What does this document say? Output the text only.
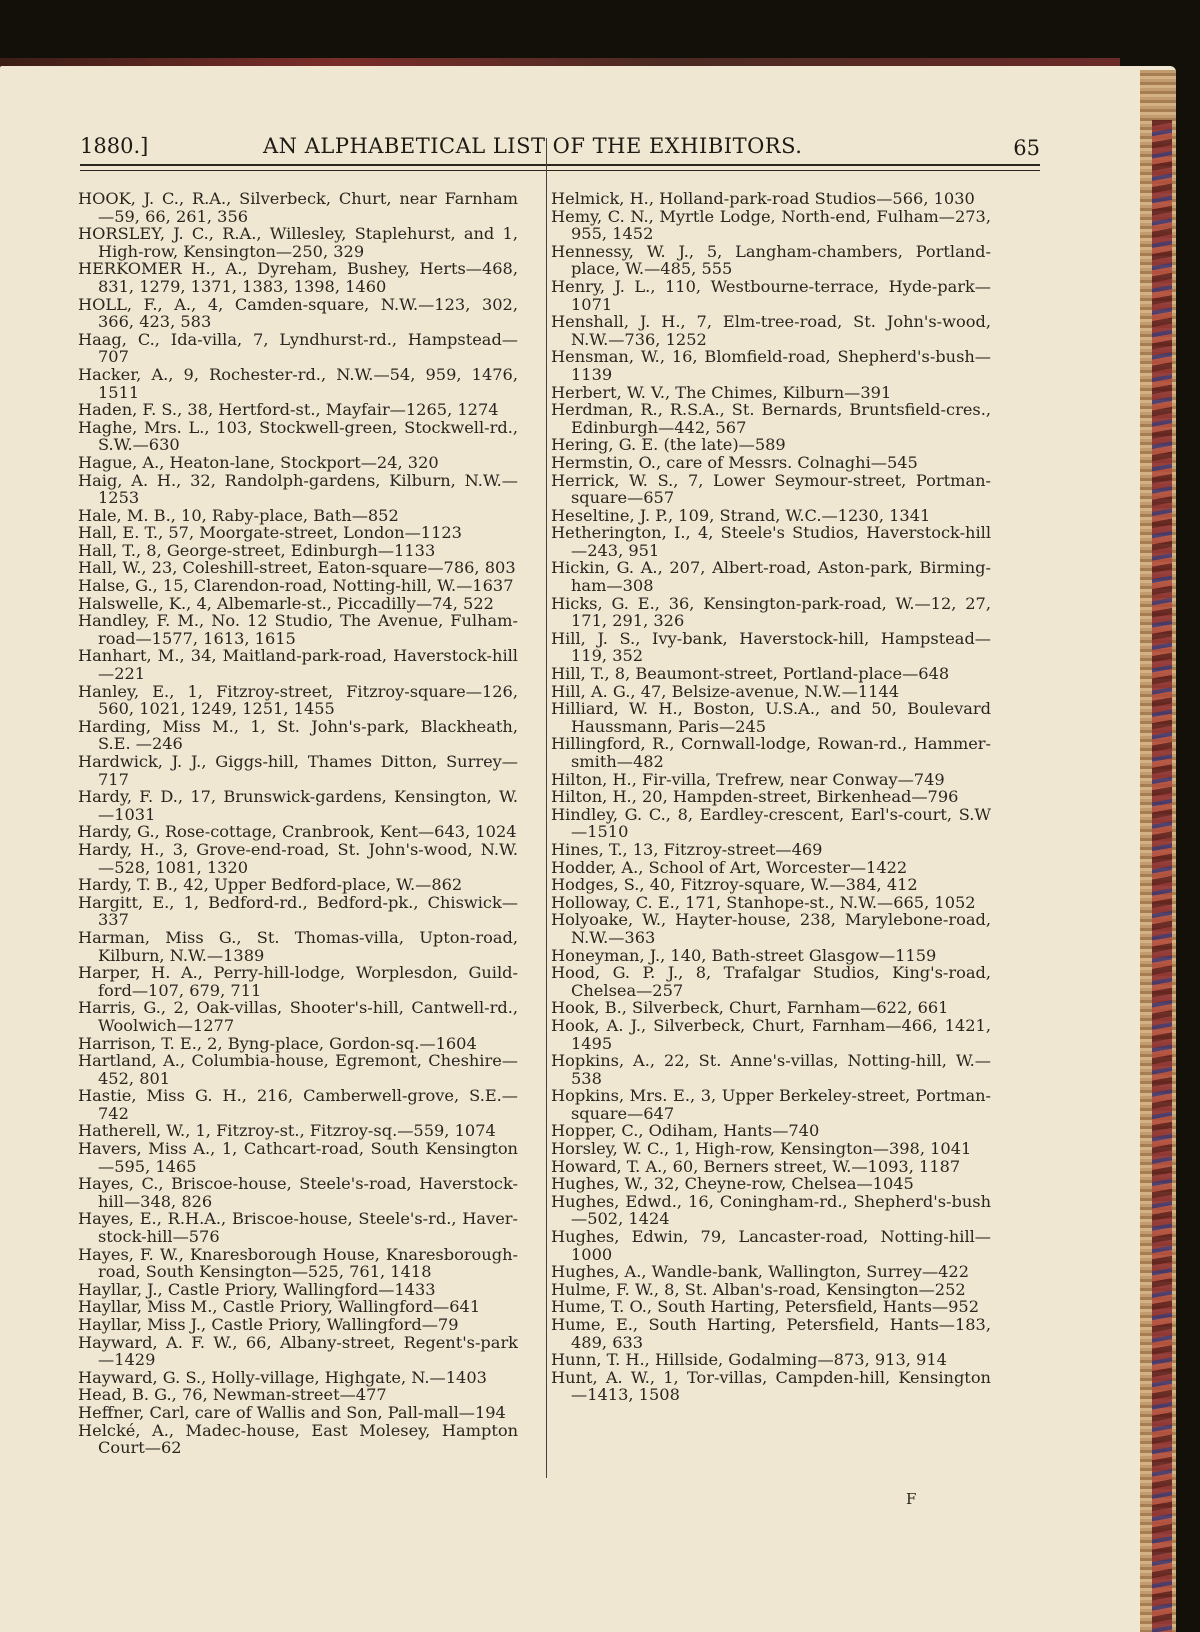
1880.]	AN ALPHABETICAL LIST OF THE EXHIBITORS.	65
HOOK, J. C., R.A., Silverbeck, Churt, near Farnham —59, 66, 261, 356
HORSLEY, J. C., R.A., Willesley, Staplehurst, and 1, High-row, Kensington—250, 329
HERKOMER H., A., Dyreham, Bushey, Herts—468, 831, 1279, 1371, 1383, 1398, 1460
HOLL, F., A., 4, Camden-square, N.W.—123, 302, 366, 423, 583
Haag, C., Ida-villa, 7, Lyndhurst-rd., Hampstead—707
Hacker, A., 9, Rochester-rd., N.W.—54, 959, 1476, 1511
Haden, F. S., 38, Hertford-st., Mayfair—1265, 1274
Haghe, Mrs. L., 103, Stockwell-green, Stockwell-rd., S.W.—630
Hague, A., Heaton-lane, Stockport—24, 320
Haig, A. H., 32, Randolph-gardens, Kilburn, N.W.—1253
Hale, M. B., 10, Raby-place, Bath—852
Hall, E. T., 57, Moorgate-street, London—1123
Hall, T., 8, George-street, Edinburgh—1133
Hall, W., 23, Coleshill-street, Eaton-square—786, 803
Halse, G., 15, Clarendon-road, Notting-hill, W.—1637
Halswelle, K., 4, Albemarle-st., Piccadilly—74, 522
Handley, F. M., No. 12 Studio, The Avenue, Fulham-road—1577, 1613, 1615
Hanhart, M., 34, Maitland-park-road, Haverstock-hill —221
Hanley, E., 1, Fitzroy-street, Fitzroy-square—126, 560, 1021, 1249, 1251, 1455
Harding, Miss M., 1, St. John's-park, Blackheath, S.E. —246
Hardwick, J. J., Giggs-hill, Thames Ditton, Surrey—717
Hardy, F. D., 17, Brunswick-gardens, Kensington, W. —1031
Hardy, G., Rose-cottage, Cranbrook, Kent—643, 1024
Hardy, H., 3, Grove-end-road, St. John's-wood, N.W. —528, 1081, 1320
Hardy, T. B., 42, Upper Bedford-place, W.—862
Hargitt, E., 1, Bedford-rd., Bedford-pk., Chiswick—337
Harman, Miss G., St. Thomas-villa, Upton-road, Kilburn, N.W.—1389
Harper, H. A., Perry-hill-lodge, Worplesdon, Guild-ford—107, 679, 711
Harris, G., 2, Oak-villas, Shooter's-hill, Cantwell-rd., Woolwich—1277
Harrison, T. E., 2, Byng-place, Gordon-sq.—1604
Hartland, A., Columbia-house, Egremont, Cheshire—452, 801
Hastie, Miss G. H., 216, Camberwell-grove, S.E.—742
Hatherell, W., 1, Fitzroy-st., Fitzroy-sq.—559, 1074
Havers, Miss A., 1, Cathcart-road, South Kensington —595, 1465
Hayes, C., Briscoe-house, Steele's-road, Haverstock-hill—348, 826
Hayes, E., R.H.A., Briscoe-house, Steele's-rd., Haver-stock-hill—576
Hayes, F. W., Knaresborough House, Knaresborough-road, South Kensington—525, 761, 1418
Hayllar, J., Castle Priory, Wallingford—1433
Hayllar, Miss M., Castle Priory, Wallingford—641
Hayllar, Miss J., Castle Priory, Wallingford—79
Hayward, A. F. W., 66, Albany-street, Regent's-park —1429
Hayward, G. S., Holly-village, Highgate, N.—1403
Head, B. G., 76, Newman-street—477
Heffner, Carl, care of Wallis and Son, Pall-mall—194
Helcké, A., Madec-house, East Molesey, Hampton Court—62
Helmick, H., Holland-park-road Studios—566, 1030
Hemy, C. N., Myrtle Lodge, North-end, Fulham—273, 955, 1452
Hennessy, W. J., 5, Langham-chambers, Portland-place, W.—485, 555
Henry, J. L., 110, Westbourne-terrace, Hyde-park—1071
Henshall, J. H., 7, Elm-tree-road, St. John's-wood, N.W.—736, 1252
Hensman, W., 16, Blomfield-road, Shepherd's-bush—1139
Herbert, W. V., The Chimes, Kilburn—391
Herdman, R., R.S.A., St. Bernards, Bruntsfield-cres., Edinburgh—442, 567
Hering, G. E. (the late)—589
Hermstin, O., care of Messrs. Colnaghi—545
Herrick, W. S., 7, Lower Seymour-street, Portman-square—657
Heseltine, J. P., 109, Strand, W.C.—1230, 1341
Hetherington, I., 4, Steele's Studios, Haverstock-hill —243, 951
Hickin, G. A., 207, Albert-road, Aston-park, Birming-ham—308
Hicks, G. E., 36, Kensington-park-road, W.—12, 27, 171, 291, 326
Hill, J. S., Ivy-bank, Haverstock-hill, Hampstead—119, 352
Hill, T., 8, Beaumont-street, Portland-place—648
Hill, A. G., 47, Belsize-avenue, N.W.—1144
Hilliard, W. H., Boston, U.S.A., and 50, Boulevard Haussmann, Paris—245
Hillingford, R., Cornwall-lodge, Rowan-rd., Hammer-smith—482
Hilton, H., Fir-villa, Trefrew, near Conway—749
Hilton, H., 20, Hampden-street, Birkenhead—796
Hindley, G. C., 8, Eardley-crescent, Earl's-court, S.W —1510
Hines, T., 13, Fitzroy-street—469
Hodder, A., School of Art, Worcester—1422
Hodges, S., 40, Fitzroy-square, W.—384, 412
Holloway, C. E., 171, Stanhope-st., N.W.—665, 1052
Holyoake, W., Hayter-house, 238, Marylebone-road, N.W.—363
Honeyman, J., 140, Bath-street Glasgow—1159
Hood, G. P. J., 8, Trafalgar Studios, King's-road, Chelsea—257
Hook, B., Silverbeck, Churt, Farnham—622, 661
Hook, A. J., Silverbeck, Churt, Farnham—466, 1421, 1495
Hopkins, A., 22, St. Anne's-villas, Notting-hill, W.—538
Hopkins, Mrs. E., 3, Upper Berkeley-street, Portman-square—647
Hopper, C., Odiham, Hants—740
Horsley, W. C., 1, High-row, Kensington—398, 1041
Howard, T. A., 60, Berners street, W.—1093, 1187
Hughes, W., 32, Cheyne-row, Chelsea—1045
Hughes, Edwd., 16, Coningham-rd., Shepherd's-bush—502, 1424
Hughes, Edwin, 79, Lancaster-road, Notting-hill—1000
Hughes, A., Wandle-bank, Wallington, Surrey—422
Hulme, F. W., 8, St. Alban's-road, Kensington—252
Hume, T. O., South Harting, Petersfield, Hants—952
Hume, E., South Harting, Petersfield, Hants—183, 489, 633
Hunn, T. H., Hillside, Godalming—873, 913, 914
Hunt, A. W., 1, Tor-villas, Campden-hill, Kensington —1413, 1508
F
